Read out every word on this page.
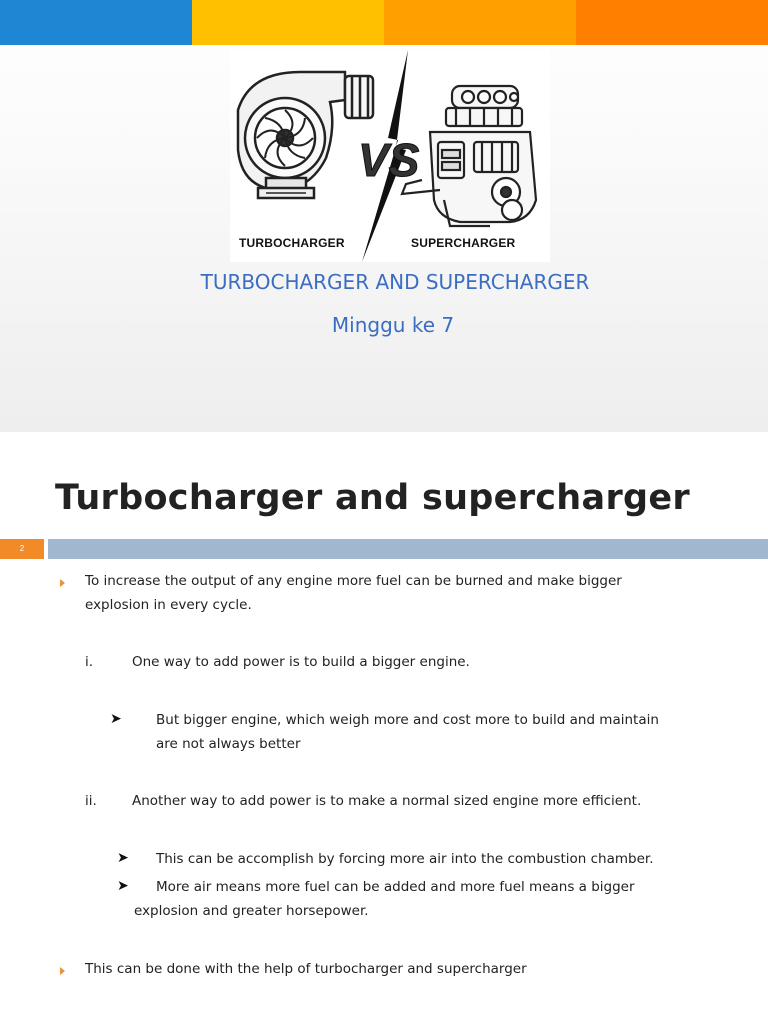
VS
TURBOCHARGER	SUPERCHARGER
TURBOCHARGER AND SUPERCHARGER
Minggu ke 7
Turbocharger and supercharger
2
To increase the output of any engine more fuel can be burned and make bigger
explosion in every cycle.
i.	One way to add power is to build a bigger engine.
➤	But bigger engine, which weigh more and cost more to build and maintain
are not always better
ii.	Another way to add power is to make a normal sized engine more efficient.
➤ This can be accomplish by forcing more air into the combustion chamber.
➤ More air means more fuel can be added and more fuel means a bigger
explosion and greater horsepower.
This can be done with the help of turbocharger and supercharger
